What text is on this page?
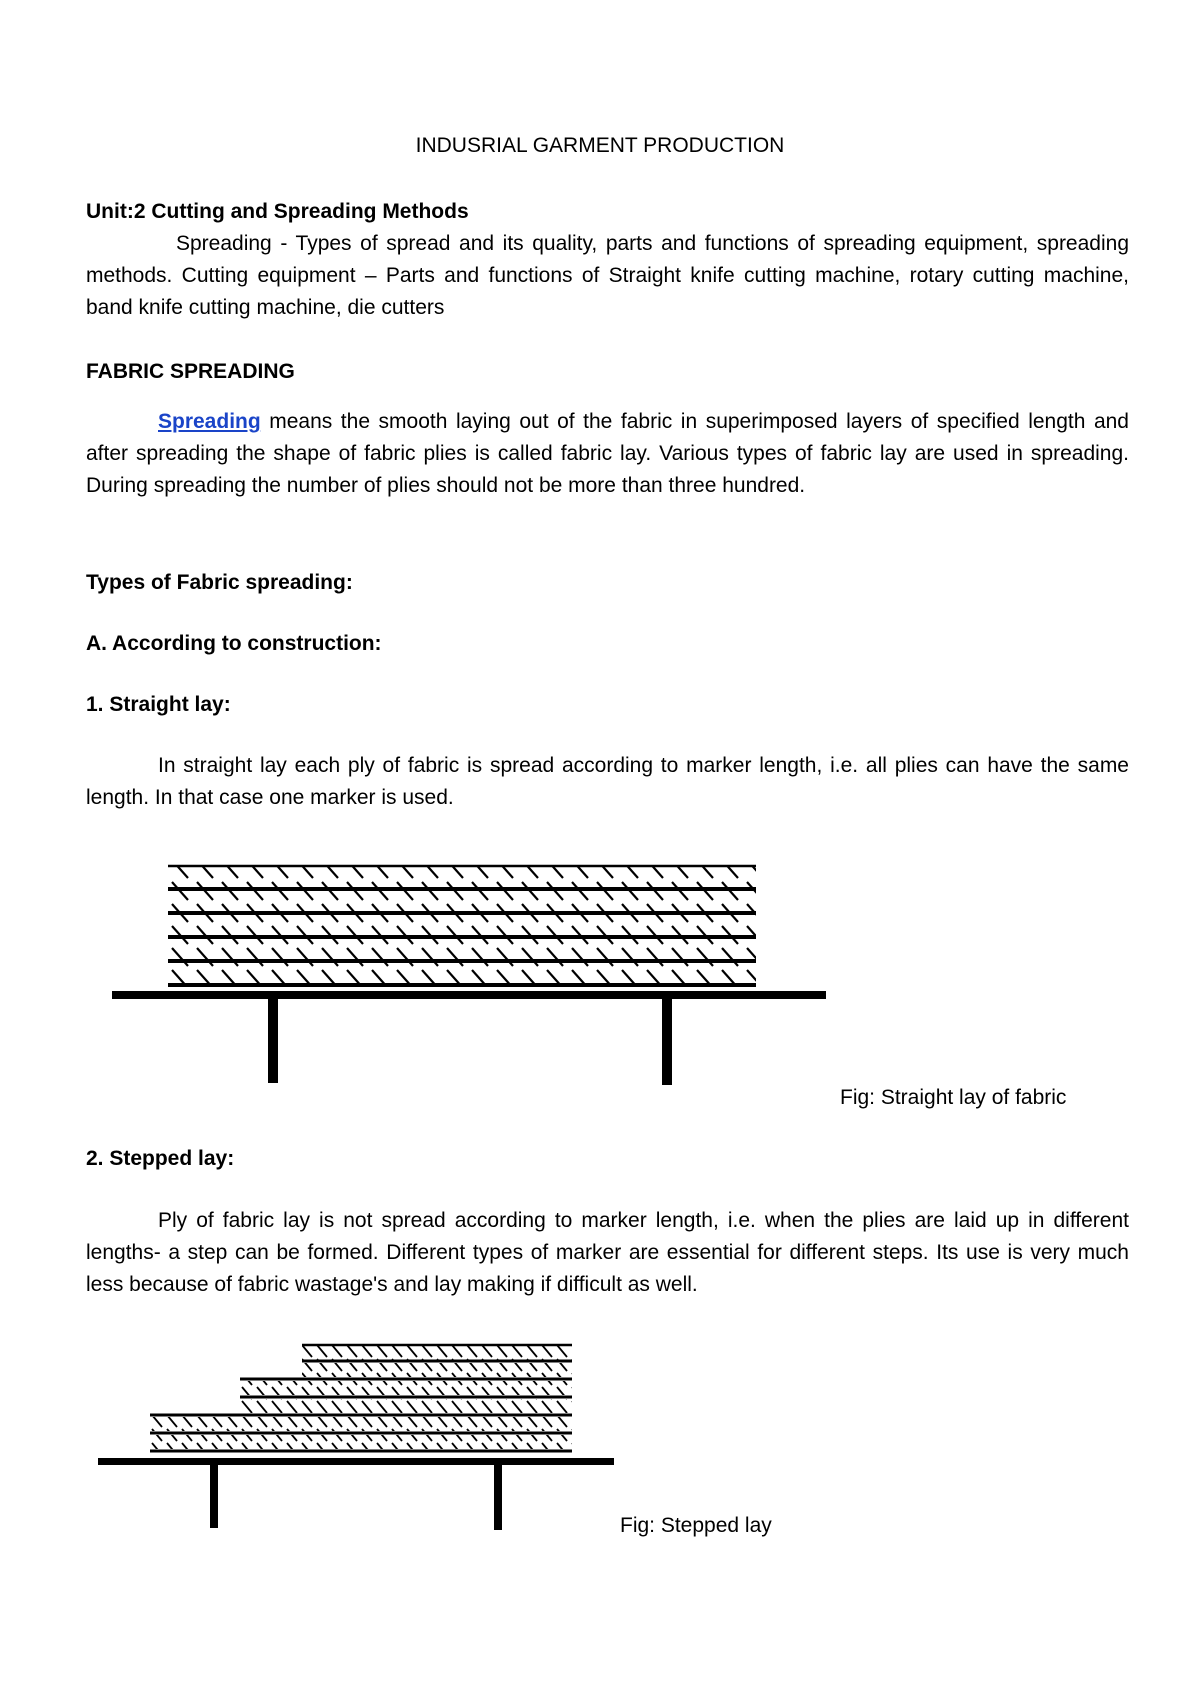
INDUSRIAL GARMENT PRODUCTION
Unit:2 Cutting and Spreading Methods
Spreading - Types of spread and its quality, parts and functions of spreading equipment, spreading methods. Cutting equipment – Parts and functions of Straight knife cutting machine, rotary cutting machine, band knife cutting machine, die cutters
FABRIC SPREADING
Spreading means the smooth laying out of the fabric in superimposed layers of specified length and after spreading the shape of fabric plies is called fabric lay. Various types of fabric lay are used in spreading. During spreading the number of plies should not be more than three hundred.
Types of Fabric spreading:
A. According to construction:
1. Straight lay:
In straight lay each ply of fabric is spread according to marker length, i.e. all plies can have the same length. In that case one marker is used.
Fig: Straight lay of fabric
2. Stepped lay:
Ply of fabric lay is not spread according to marker length, i.e. when the plies are laid up in different lengths- a step can be formed. Different types of marker are essential for different steps. Its use is very much less because of fabric wastage's and lay making if difficult as well.
Fig: Stepped lay
